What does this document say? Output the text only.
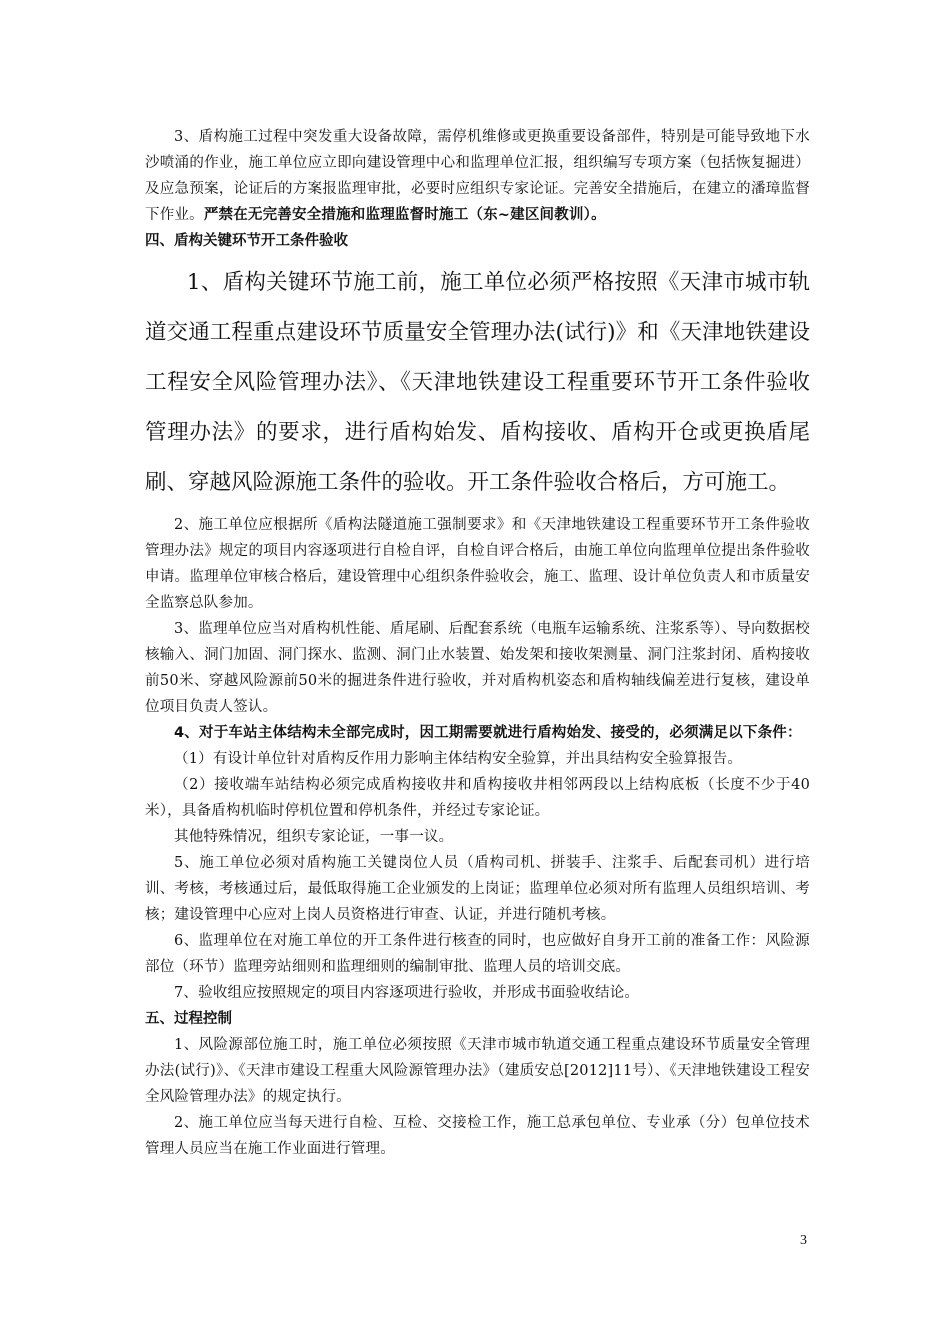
3、盾构施工过程中突发重大设备故障，需停机维修或更换重要设备部件，特别是可能导致地下水沙喷涌的作业，施工单位应立即向建设管理中心和监理单位汇报，组织编写专项方案（包括恢复掘进）及应急预案，论证后的方案报监理审批，必要时应组织专家论证。完善安全措施后，在建立的潘璋监督下作业。严禁在无完善安全措施和监理监督时施工（东~建区间教训）。

四、盾构关键环节开工条件验收

1、盾构关键环节施工前，施工单位必须严格按照《天津市城市轨道交通工程重点建设环节质量安全管理办法(试行)》和《天津地铁建设工程安全风险管理办法》、《天津地铁建设工程重要环节开工条件验收管理办法》的要求，进行盾构始发、盾构接收、盾构开仓或更换盾尾刷、穿越风险源施工条件的验收。开工条件验收合格后，方可施工。

2、施工单位应根据所《盾构法隧道施工强制要求》和《天津地铁建设工程重要环节开工条件验收管理办法》规定的项目内容逐项进行自检自评，自检自评合格后，由施工单位向监理单位提出条件验收申请。监理单位审核合格后，建设管理中心组织条件验收会，施工、监理、设计单位负责人和市质量安全监察总队参加。

3、监理单位应当对盾构机性能、盾尾刷、后配套系统（电瓶车运输系统、注浆系等）、导向数据校核输入、洞门加固、洞门探水、监测、洞门止水装置、始发架和接收架测量、洞门注浆封闭、盾构接收前50米、穿越风险源前50米的掘进条件进行验收，并对盾构机姿态和盾构轴线偏差进行复核，建设单位项目负责人签认。

4、对于车站主体结构未全部完成时，因工期需要就进行盾构始发、接受的，必须满足以下条件：

（1）有设计单位针对盾构反作用力影响主体结构安全验算，并出具结构安全验算报告。

（2）接收端车站结构必须完成盾构接收井和盾构接收井相邻两段以上结构底板（长度不少于40米），具备盾构机临时停机位置和停机条件，并经过专家论证。

其他特殊情况，组织专家论证，一事一议。

5、施工单位必须对盾构施工关键岗位人员（盾构司机、拼装手、注浆手、后配套司机）进行培训、考核，考核通过后，最低取得施工企业颁发的上岗证；监理单位必须对所有监理人员组织培训、考核；建设管理中心应对上岗人员资格进行审查、认证，并进行随机考核。

6、监理单位在对施工单位的开工条件进行核查的同时，也应做好自身开工前的准备工作：风险源部位（环节）监理旁站细则和监理细则的编制审批、监理人员的培训交底。

7、验收组应按照规定的项目内容逐项进行验收，并形成书面验收结论。

五、过程控制

1、风险源部位施工时，施工单位必须按照《天津市城市轨道交通工程重点建设环节质量安全管理办法(试行)》、《天津市建设工程重大风险源管理办法》（建质安总[2012]11号）、《天津地铁建设工程安全风险管理办法》的规定执行。

2、施工单位应当每天进行自检、互检、交接检工作，施工总承包单位、专业承（分）包单位技术管理人员应当在施工作业面进行管理。

3
